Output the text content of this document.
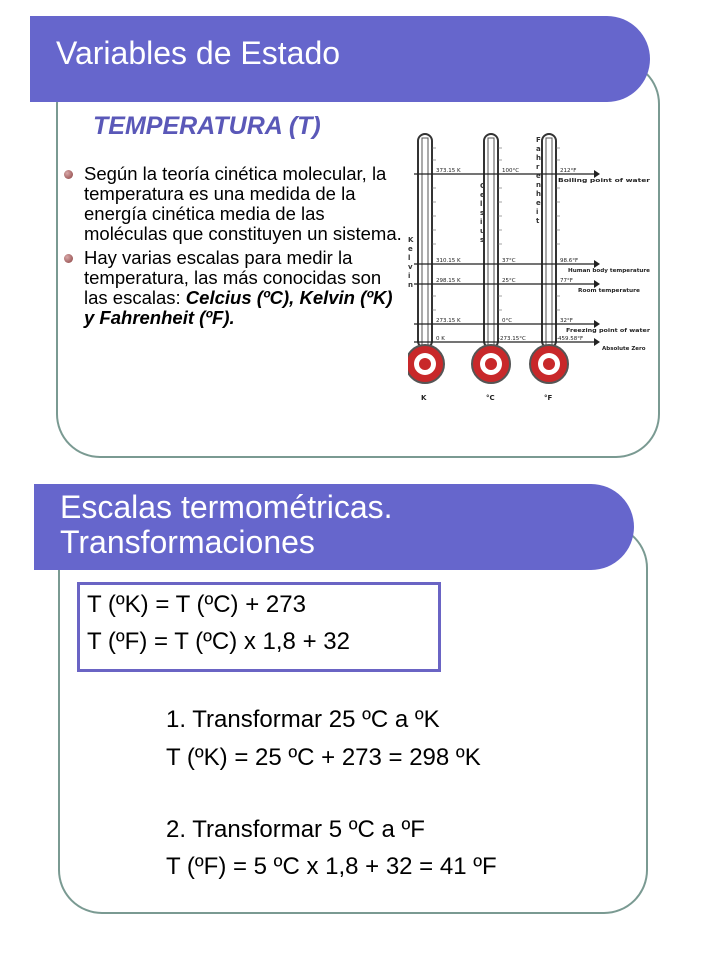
Variables de Estado
TEMPERATURA (T)
Según la teoría cinética molecular, la temperatura es una medida de la energía cinética media de las moléculas que constituyen un sistema.
Hay varias escalas para medir la temperatura, las más conocidas son las escalas: Celcius (ºC), Kelvin (ºK) y Fahrenheit (ºF).
K e l v i n
C e l s i u s
F a h r e n h e i t
373.15 K
310.15 K
298.15 K
273.15 K
0 K
100°C
37°C
25°C
0°C
-273.15°C
212°F
98.6°F
77°F
32°F
-459.58°F
Boiling point of water
Human body temperature
Room temperature
Freezing point of water
Absolute Zero
K	°C	°F
Escalas termométricas.
Transformaciones
T (ºK) = T (ºC) + 273
T (ºF) = T (ºC) x 1,8 + 32
1. Transformar 25 ºC a ºK
T (ºK) = 25 ºC + 273 = 298 ºK
2. Transformar 5 ºC a ºF
T (ºF) = 5 ºC x 1,8 + 32 = 41 ºF
